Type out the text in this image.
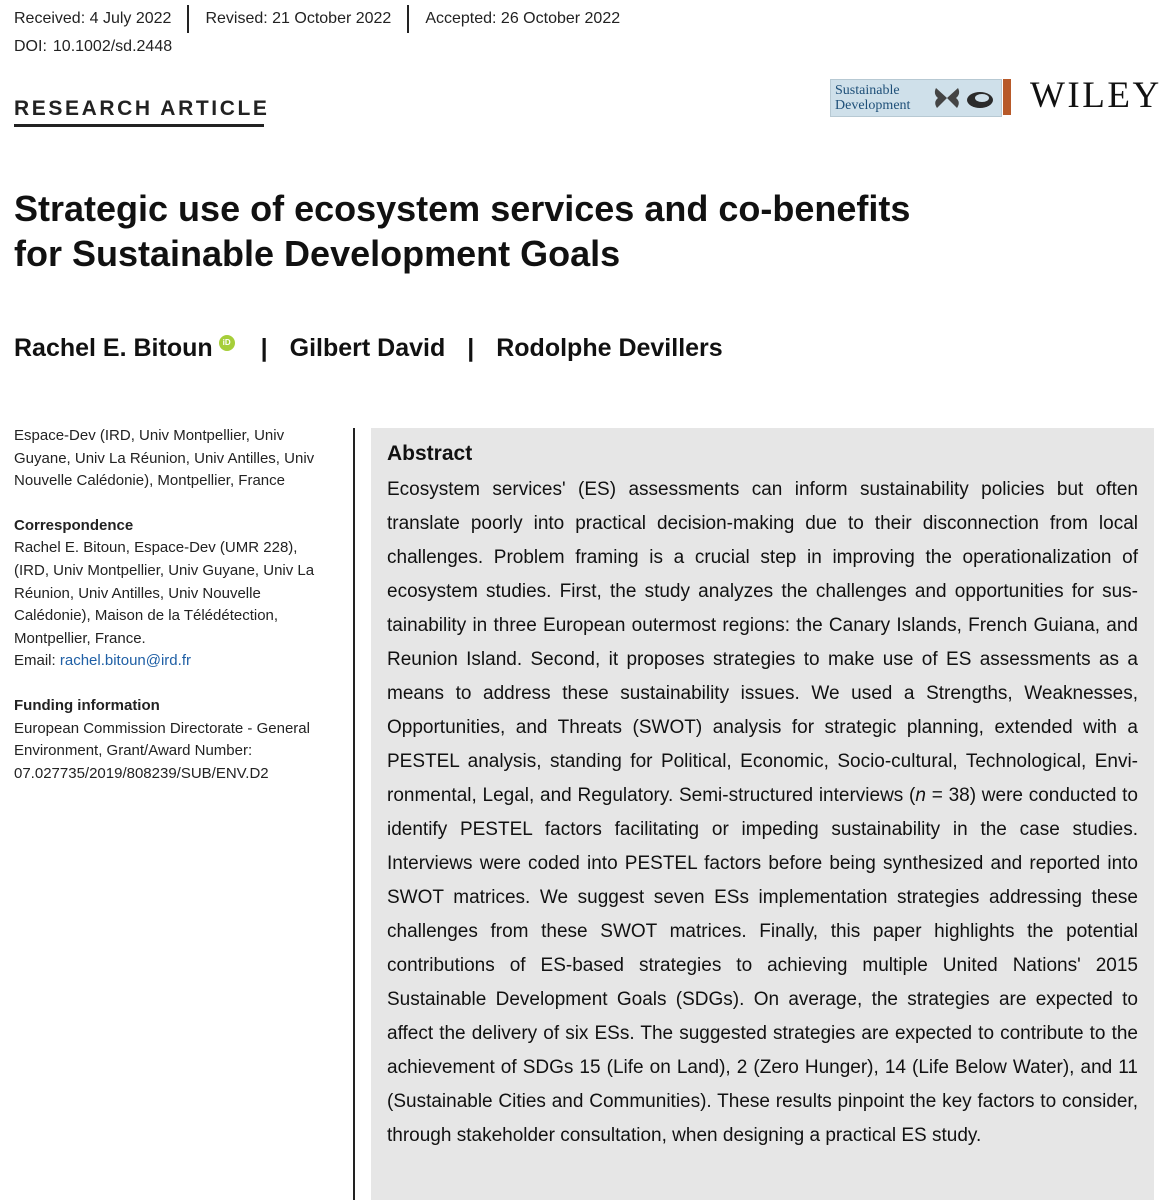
Received: 4 July 2022	Revised: 21 October 2022	Accepted: 26 October 2022
DOI: 10.1002/sd.2448
RESEARCH ARTICLE
Sustainable
Development	WILEY
Strategic use of ecosystem services and co-benefits
for Sustainable Development Goals
Rachel E. Bitoun	iD | Gilbert David | Rodolphe Devillers

Espace-Dev (IRD, Univ Montpellier, Univ Guyane, Univ La Réunion, Univ Antilles, Univ Nouvelle Calédonie), Montpellier, France

Correspondence

Rachel E. Bitoun, Espace-Dev (UMR 228), (IRD, Univ Montpellier, Univ Guyane, Univ La Réunion, Univ Antilles, Univ Nouvelle Calédonie), Maison de la Télédétection, Montpellier, France.

Email: rachel.bitoun@ird.fr

Funding information

European Commission Directorate - General Environment, Grant/Award Number: 07.027735/2019/808239/SUB/ENV.D2

Abstract

Ecosystem services' (ES) assessments can inform sustainability policies but often translate poorly into practical decision-making due to their disconnection from local challenges. Problem framing is a crucial step in improving the operationalization of ecosystem studies. First, the study analyzes the challenges and opportunities for sustainability in three European outermost regions: the Canary Islands, French Guiana, and Reunion Island. Second, it proposes strategies to make use of ES assessments as a means to address these sustainability issues. We used a Strengths, Weaknesses, Opportunities, and Threats (SWOT) analysis for strategic planning, extended with a PESTEL analysis, standing for Political, Economic, Socio-cultural, Technological, Environmental, Legal, and Regulatory. Semi-structured interviews (n = 38) were conducted to identify PESTEL factors facilitating or impeding sustainability in the case studies. Interviews were coded into PESTEL factors before being synthesized and reported into SWOT matrices. We suggest seven ESs implementation strategies addressing these challenges from these SWOT matrices. Finally, this paper highlights the potential contributions of ES-based strategies to achieving multiple United Nations' 2015 Sustainable Development Goals (SDGs). On average, the strategies are expected to affect the delivery of six ESs. The suggested strategies are expected to contribute to the achievement of SDGs 15 (Life on Land), 2 (Zero Hunger), 14 (Life Below Water), and 11 (Sustainable Cities and Communities). These results pinpoint the key factors to consider, through stakeholder consultation, when designing a practical ES study.
